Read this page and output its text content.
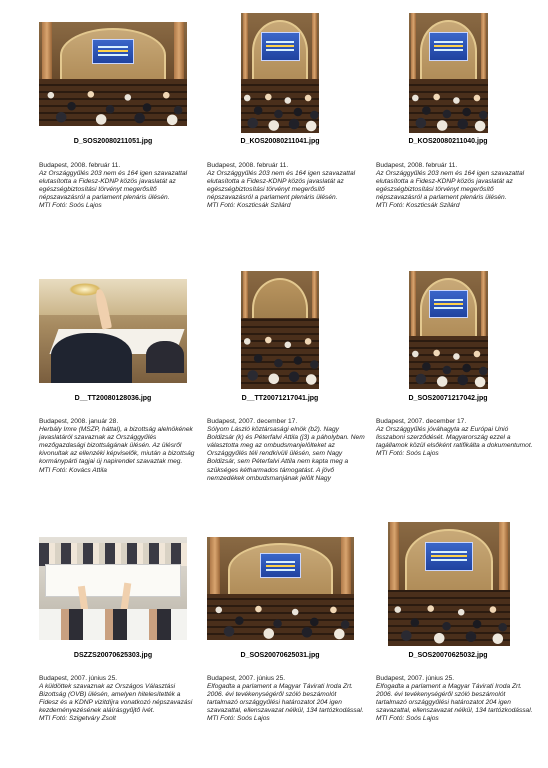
D_SOS20080211051.jpg
Budapest, 2008. február 11.
Az Országgyűlés 203 nem és 164 igen szavazattal elutasította a Fidesz-KDNP közös javaslatát az egészségbiztosítási törvényt megerősítő népszavazásról a parlament plenáris ülésén.
MTI Fotó: Soós Lajos
D_KOS20080211041.jpg
Budapest, 2008. február 11.
Az Országgyűlés 203 nem és 164 igen szavazattal elutasította a Fidesz-KDNP közös javaslatát az egészségbiztosítási törvényt megerősítő népszavazásról a parlament plenáris ülésén.
MTI Fotó: Koszticsák Szilárd
D_KOS20080211040.jpg
Budapest, 2008. február 11.
Az Országgyűlés 203 nem és 164 igen szavazattal elutasította a Fidesz-KDNP közös javaslatát az egészségbiztosítási törvényt megerősítő népszavazásról a parlament plenáris ülésén.
MTI Fotó: Koszticsák Szilárd
D__TT20080128036.jpg
Budapest, 2008. január 28.
Herbály Imre (MSZP, háttal), a bizottság alelnökének javaslatáról szavaznak az Országgyűlés mezőgazdasági bizottságának ülésén. Az ülésről kivonultak az ellenzéki képviselők, miután a bizottság kormánypárti tagjai új napirendet szavaztak meg.
MTI Fotó: Kovács Attila
D__TT20071217041.jpg
Budapest, 2007. december 17.
Sólyom László köztársasági elnök (b2). Nagy Boldizsár (k) és Péterfalvi Attila (j3) a páholyban. Nem választotta meg az ombudsmanjelölteket az Országgyűlés téli rendkívüli ülésén, sem Nagy Boldizsár, sem Péterfalvi Attila nem kapta meg a szükséges kétharmados támogatást. A jövő nemzedékek ombudsmanjának jelölt Nagy
D_SOS20071217042.jpg
Budapest, 2007. december 17.
Az Országgyűlés jóváhagyta az Európai Unió lisszaboni szerződését. Magyarország ezzel a tagállamok közül elsőként ratifikálta a dokumentumot.
MTI Fotó: Soós Lajos
DSZZS20070625303.jpg
Budapest, 2007. június 25.
A küldöttek szavaznak az Országos Választási Bizottság (OVB) ülésén, amelyen hitelesítették a Fidesz és a KDNP vizitdíjra vonatkozó népszavazási kezdeményezésének aláírásgyűjtő ívét.
MTI Fotó: Szigetváry Zsolt
D_SOS20070625031.jpg
Budapest, 2007. június 25.
Elfogadta a parlament a Magyar Távirati Iroda Zrt. 2006. évi tevékenységéről szóló beszámolót tartalmazó országgyűlési határozatot 204 igen szavazattal, ellenszavazat nélkül, 134 tartózkodással.
MTI Fotó: Soós Lajos
D_SOS20070625032.jpg
Budapest, 2007. június 25.
Elfogadta a parlament a Magyar Távirati Iroda Zrt. 2006. évi tevékenységéről szóló beszámolót tartalmazó országgyűlési határozatot 204 igen szavazattal, ellenszavazat nélkül, 134 tartózkodással.
MTI Fotó: Soós Lajos
